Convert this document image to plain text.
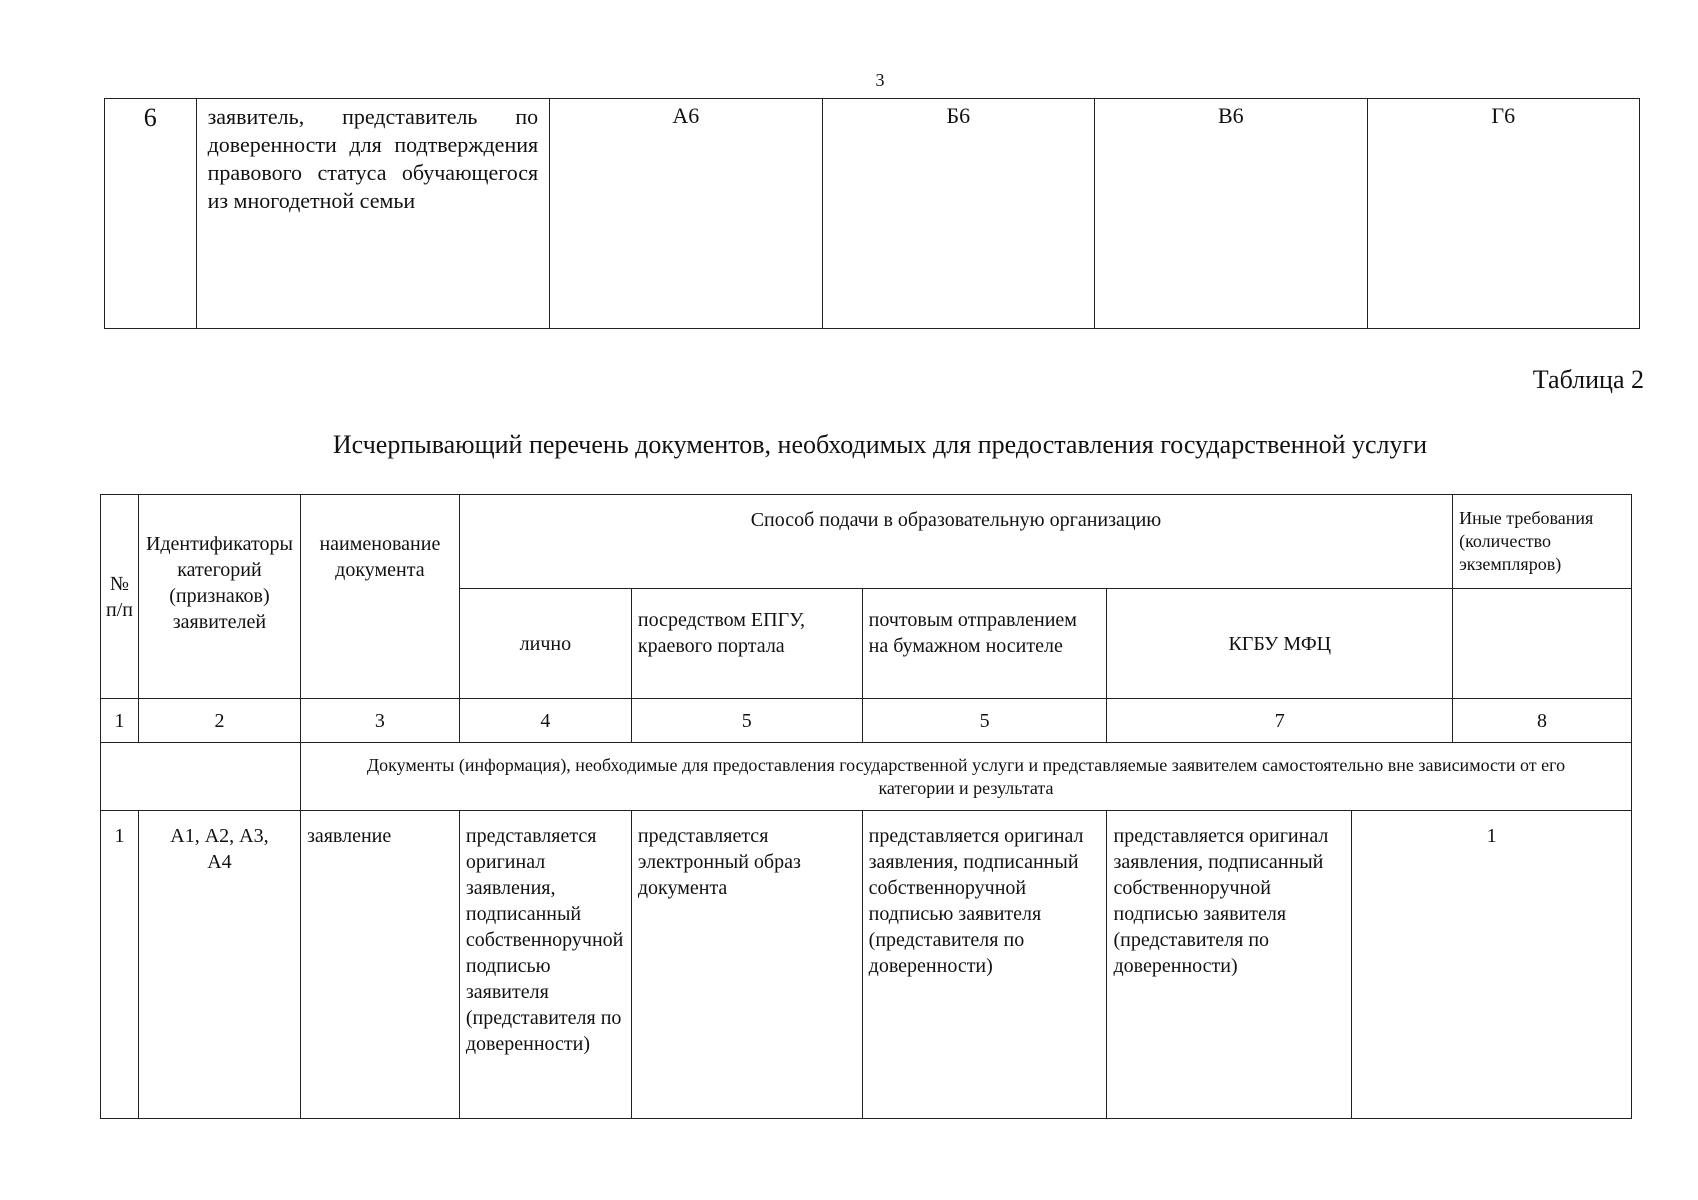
3
6	заявитель, представитель по доверенности для подтверждения правового статуса обучающегося из многодетной семьи	А6	Б6	В6	Г6
Таблица 2
Исчерпывающий перечень документов, необходимых для предоставления государственной услуги
№ п/п	Идентификаторы категорий (признаков) заявителей	наименование документа	Способ подачи в образовательную организацию					Иные требования (количество экземпляров)
			лично	посредством ЕПГУ, краевого портала	почтовым отправлением на бумажном носителе	КГБУ МФЦ		
1	2	3	4	5	5	7		8
		Документы (информация), необходимые для предоставления государственной услуги и представляемые заявителем самостоятельно вне зависимости от его категории и результата						
1	А1, А2, А3, А4	заявление	представляется оригинал заявления, подписанный собственноручной подписью заявителя (представителя по доверенности)	представляется электронный образ документа	представляется оригинал заявления, подписанный собственноручной подписью заявителя (представителя по доверенности)	представляется оригинал заявления, подписанный собственноручной подписью заявителя (представителя по доверенности)	1	
